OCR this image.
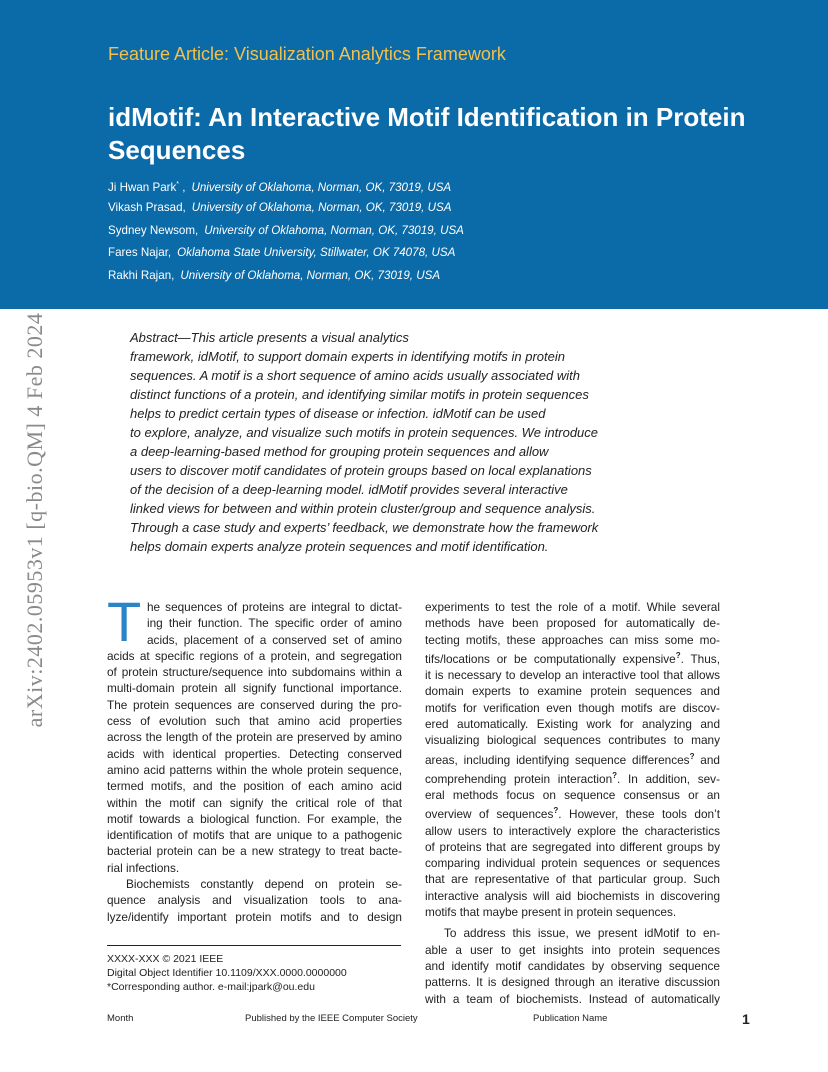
Feature Article: Visualization Analytics Framework
idMotif: An Interactive Motif Identification in Protein Sequences
Ji Hwan Park* , University of Oklahoma, Norman, OK, 73019, USA
Vikash Prasad, University of Oklahoma, Norman, OK, 73019, USA
Sydney Newsom, University of Oklahoma, Norman, OK, 73019, USA
Fares Najar, Oklahoma State University, Stillwater, OK 74078, USA
Rakhi Rajan, University of Oklahoma, Norman, OK, 73019, USA
arXiv:2402.05953v1 [q-bio.QM] 4 Feb 2024	Abstract—This article presents a visual analytics
framework, idMotif, to support domain experts in identifying motifs in protein
sequences. A motif is a short sequence of amino acids usually associated with
distinct functions of a protein, and identifying similar motifs in protein sequences
helps to predict certain types of disease or infection. idMotif can be used
to explore, analyze, and visualize such motifs in protein sequences. We introduce
a deep-learning-based method for grouping protein sequences and allow
users to discover motif candidates of protein groups based on local explanations
of the decision of a deep-learning model. idMotif provides several interactive
linked views for between and within protein cluster/group and sequence analysis.
Through a case study and experts’ feedback, we demonstrate how the framework
helps domain experts analyze protein sequences and motif identification.
T he sequences of proteins are integral to dictat-
ing their function. The specific order of amino
acids, placement of a conserved set of amino
acids at specific regions of a protein, and segregation
of protein structure/sequence into subdomains within a
multi-domain protein all signify functional importance.
The protein sequences are conserved during the pro-
cess of evolution such that amino acid properties
across the length of the protein are preserved by amino
acids with identical properties. Detecting conserved
amino acid patterns within the whole protein sequence,
termed motifs, and the position of each amino acid
within the motif can signify the critical role of that
motif towards a biological function. For example, the
identification of motifs that are unique to a pathogenic
bacterial protein can be a new strategy to treat bacte-
rial infections.
Biochemists constantly depend on protein se-
quence analysis and visualization tools to ana-
lyze/identify important protein motifs and to design
experiments to test the role of a motif. While several
methods have been proposed for automatically de-
tecting motifs, these approaches can miss some mo-
tifs/locations or be computationally expensive?. Thus,
it is necessary to develop an interactive tool that allows
domain experts to examine protein sequences and
motifs for verification even though motifs are discov-
ered automatically. Existing work for analyzing and
visualizing biological sequences contributes to many
areas, including identifying sequence differences? and
comprehending protein interaction?. In addition, sev-
eral methods focus on sequence consensus or an
overview of sequences?. However, these tools don’t
allow users to interactively explore the characteristics
of proteins that are segregated into different groups by
comparing individual protein sequences or sequences
that are representative of that particular group. Such
interactive analysis will aid biochemists in discovering
motifs that maybe present in protein sequences.
To address this issue, we present idMotif to en-
able a user to get insights into protein sequences
and identify motif candidates by observing sequence
patterns. It is designed through an iterative discussion
with a team of biochemists. Instead of automatically
XXXX-XXX © 2021 IEEE
Digital Object Identifier 10.1109/XXX.0000.0000000
*Corresponding author. e-mail:jpark@ou.edu
Month	Published by the IEEE Computer Society	Publication Name	1
